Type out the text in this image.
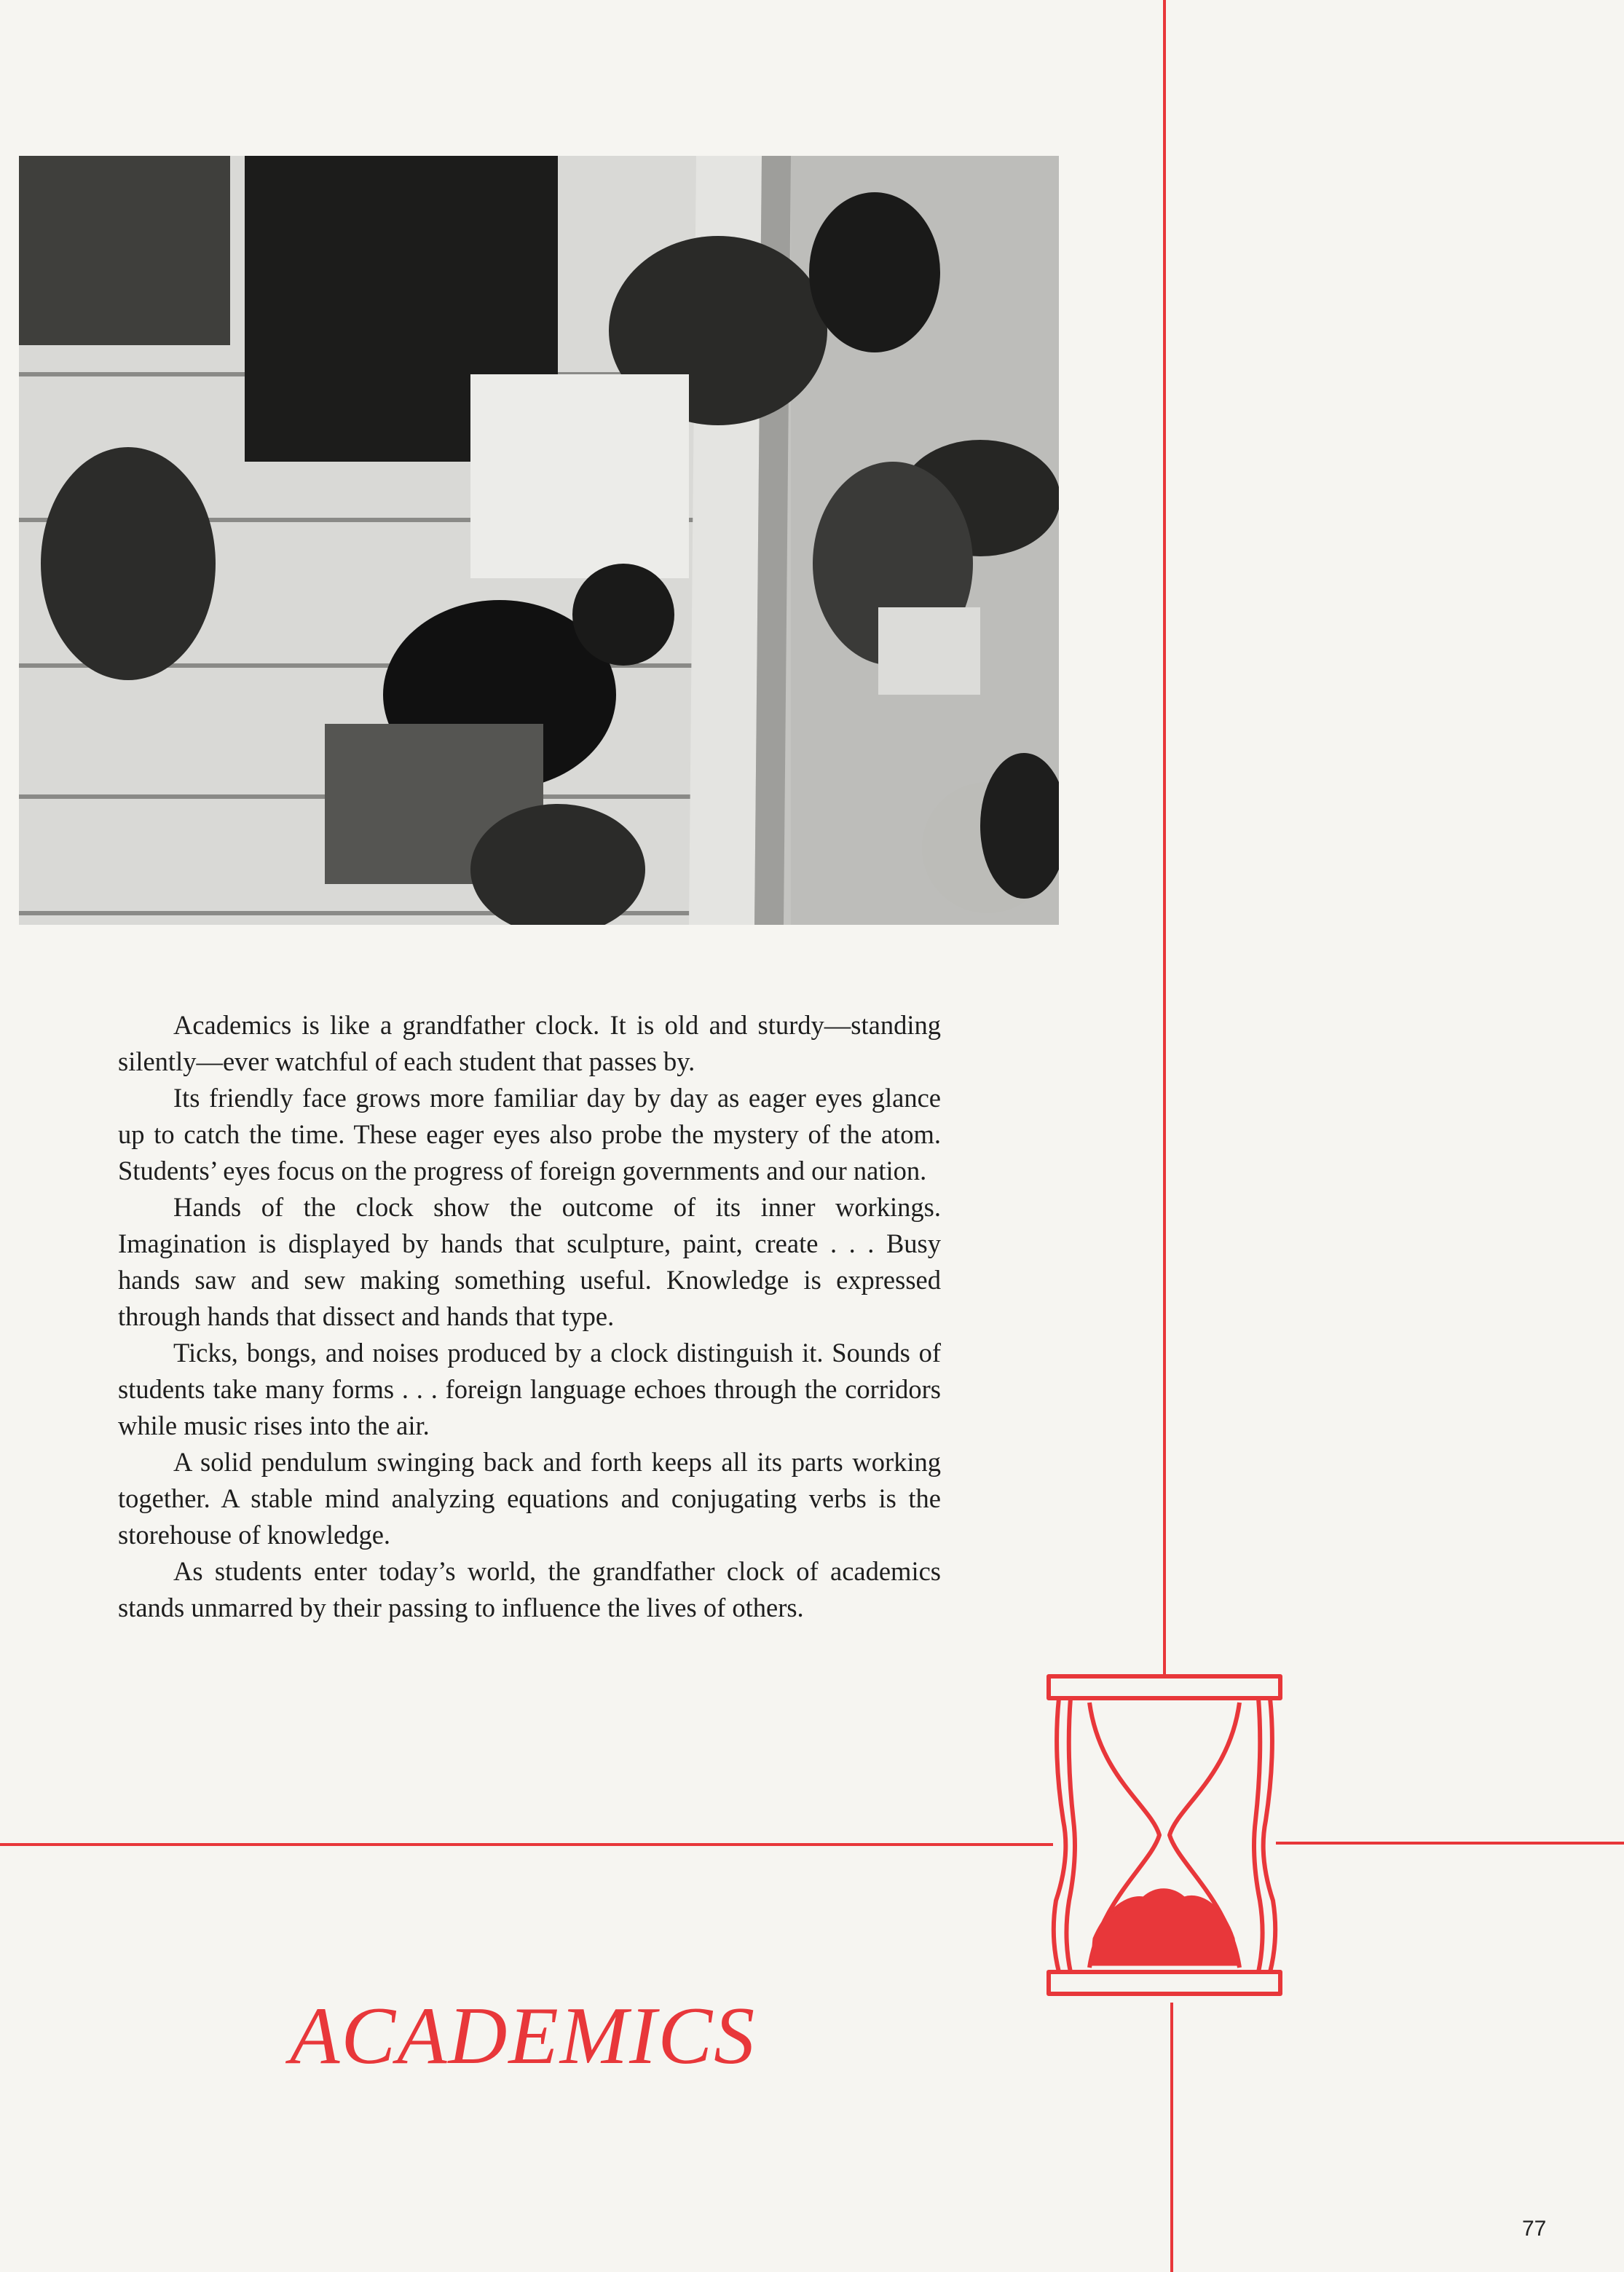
Academics is like a grandfather clock. It is old and sturdy—standing silently—ever watchful of each student that passes by.

Its friendly face grows more familiar day by day as eager eyes glance up to catch the time. These eager eyes also probe the mystery of the atom. Students’ eyes focus on the progress of foreign governments and our nation.

Hands of the clock show the outcome of its inner workings. Imagination is displayed by hands that sculpture, paint, create . . . Busy hands saw and sew making something useful. Knowledge is expressed through hands that dissect and hands that type.

Ticks, bongs, and noises produced by a clock distinguish it. Sounds of students take many forms . . . foreign language echoes through the corridors while music rises into the air.

A solid pendulum swinging back and forth keeps all its parts working together. A stable mind analyzing equations and conjugating verbs is the storehouse of knowledge.

As students enter today’s world, the grandfather clock of academics stands unmarred by their passing to influence the lives of others.

ACADEMICS
77
